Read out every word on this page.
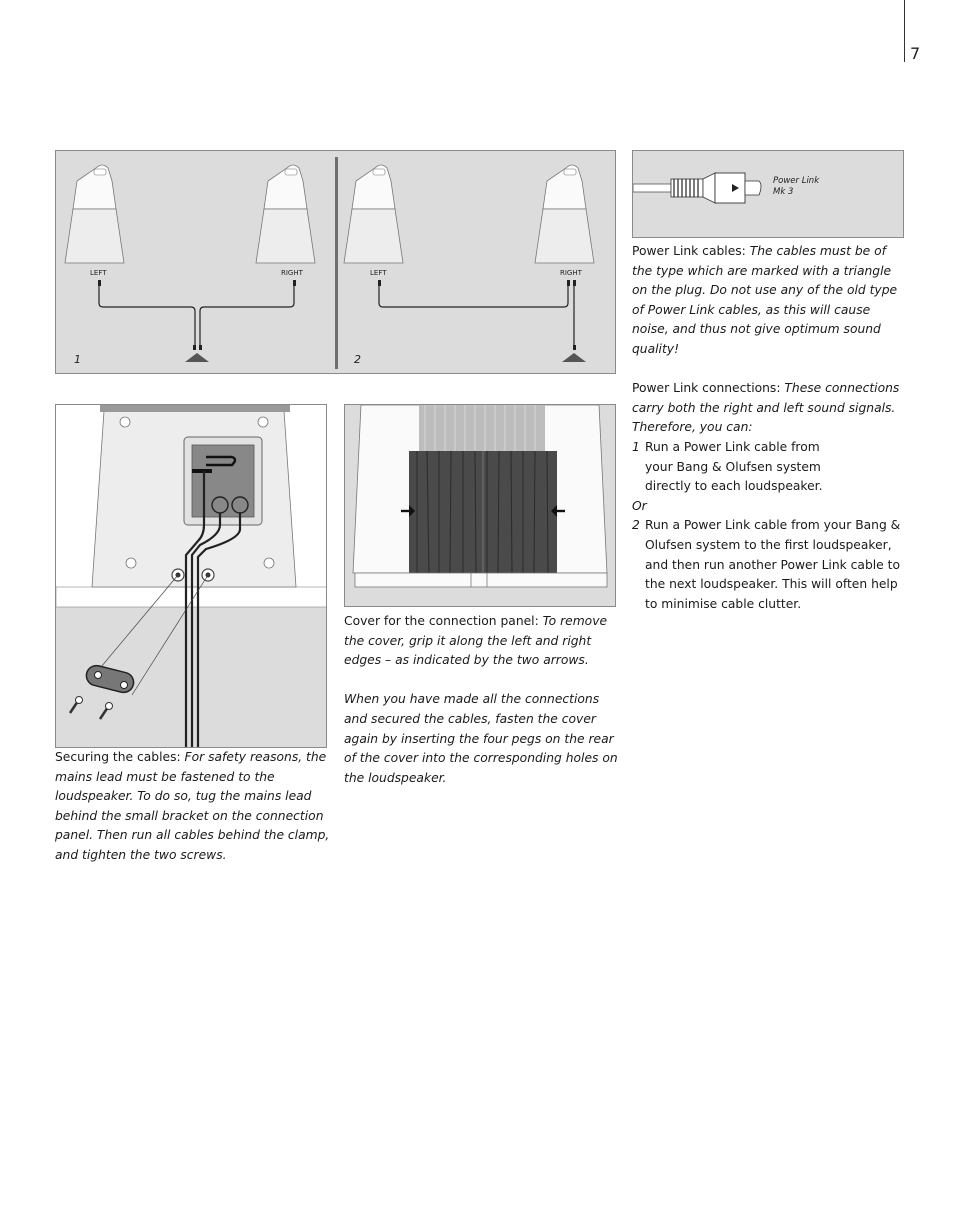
7
LEFT	RIGHT
1
LEFT	RIGHT
2
Power Link
Mk 3

Securing the cables: For safety reasons, the mains lead must be fastened to the loudspeaker. To do so, tug the mains lead behind the small bracket on the connection panel. Then run all cables behind the clamp, and tighten the two screws.

Cover for the connection panel: To remove the cover, grip it along the left and right edges – as indicated by the two arrows.

When you have made all the connections and secured the cables, fasten the cover again by inserting the four pegs on the rear of the cover into the corresponding holes on the loudspeaker.

Power Link cables: The cables must be of the type which are marked with a triangle on the plug. Do not use any of the old type of Power Link cables, as this will cause noise, and thus not give optimum sound quality!

Power Link connections: These connections carry both the right and left sound signals. Therefore, you can:

1 Run a Power Link cable from your Bang & Olufsen system directly to each loudspeaker.

Or

2 Run a Power Link cable from your Bang & Olufsen system to the first loudspeaker, and then run another Power Link cable to the next loudspeaker. This will often help to minimise cable clutter.
